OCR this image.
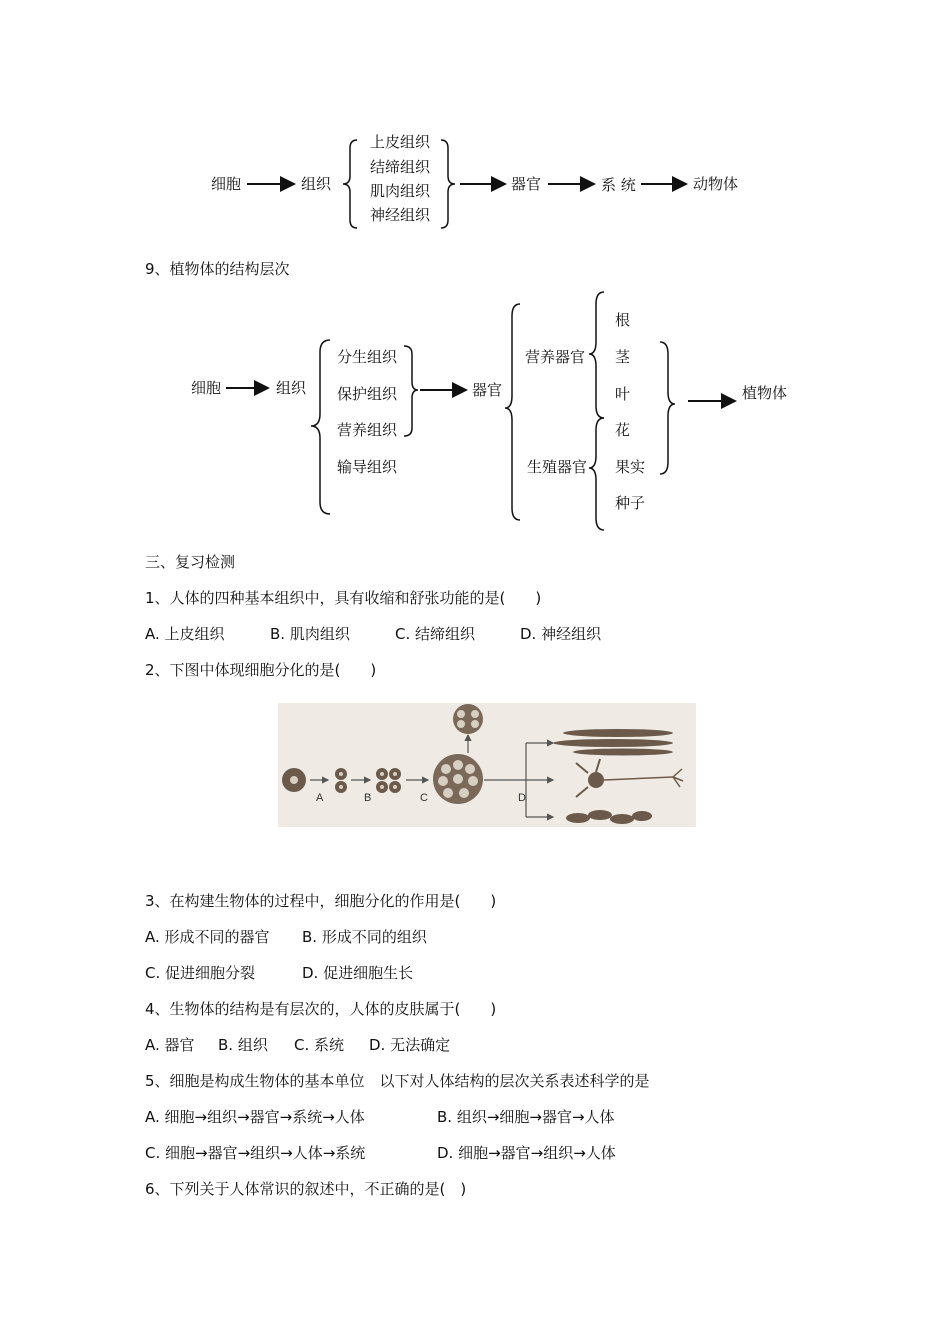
细胞	组织
上皮组织
结缔组织
肌肉组织
神经组织
器官	系 统	动物体
9、植物体的结构层次
细胞	组织
分生组织
保护组织
营养组织
输导组织
器官
营养器官
生殖器官
根
茎
叶
花
果实
种子
植物体
三、复习检测
1、人体的四种基本组织中，具有收缩和舒张功能的是(　　)
A. 上皮组织	B. 肌肉组织	C. 结缔组织	D. 神经组织
2、下图中体现细胞分化的是(　　)
A	B	C	D
3、在构建生物体的过程中，细胞分化的作用是(　　)
A. 形成不同的器官 B. 形成不同的组织
C. 促进细胞分裂	D. 促进细胞生长
4、生物体的结构是有层次的，人体的皮肤属于(　　)
A. 器官 B. 组织 C. 系统 D. 无法确定
5、细胞是构成生物体的基本单位　以下对人体结构的层次关系表述科学的是
A. 细胞→组织→器官→系统→人体	B. 组织→细胞→器官→人体
C. 细胞→器官→组织→人体→系统	D. 细胞→器官→组织→人体
6、下列关于人体常识的叙述中，不正确的是(　)
